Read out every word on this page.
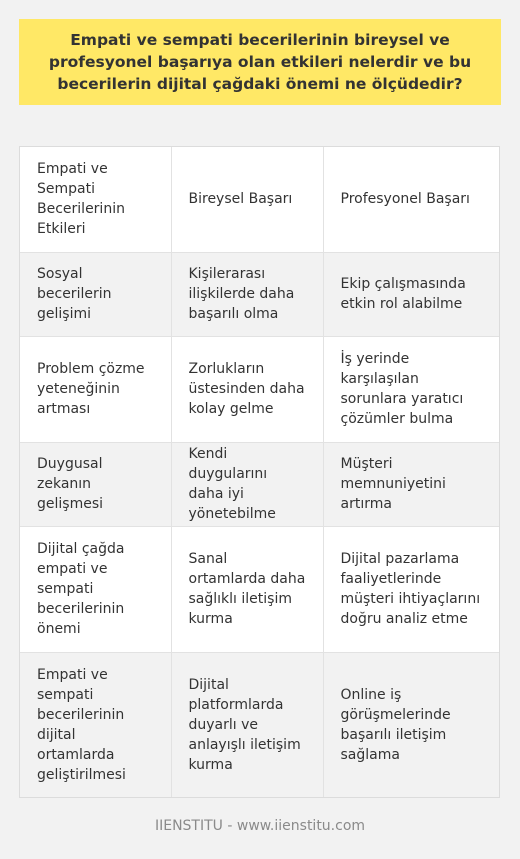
Empati ve sempati becerilerinin bireysel ve profesyonel başarıya olan etkileri nelerdir ve bu becerilerin dijital çağdaki önemi ne ölçüdedir?
Empati ve Sempati Becerilerinin Etkileri	Bireysel Başarı	Profesyonel Başarı
Sosyal becerilerin gelişimi	Kişilerarası ilişkilerde daha başarılı olma	Ekip çalışmasında etkin rol alabilme
Problem çözme yeteneğinin artması	Zorlukların üstesinden daha kolay gelme	İş yerinde karşılaşılan sorunlara yaratıcı çözümler bulma
Duygusal zekanın gelişmesi	Kendi duygularını daha iyi yönetebilme	Müşteri memnuniyetini artırma
Dijital çağda empati ve sempati becerilerinin önemi	Sanal ortamlarda daha sağlıklı iletişim kurma	Dijital pazarlama faaliyetlerinde müşteri ihtiyaçlarını doğru analiz etme
Empati ve sempati becerilerinin dijital ortamlarda geliştirilmesi	Dijital platformlarda duyarlı ve anlayışlı iletişim kurma	Online iş görüşmelerinde başarılı iletişim sağlama
IIENSTITU - www.iienstitu.com
